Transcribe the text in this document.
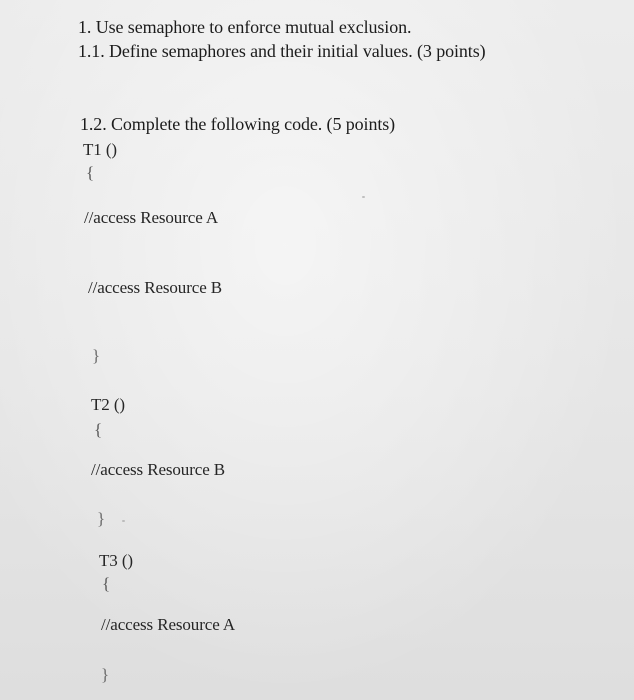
1. Use semaphore to enforce mutual exclusion.
1.1. Define semaphores and their initial values. (3 points)
1.2. Complete the following code. (5 points)
T1 ()
{
//access Resource A
//access Resource B
}
T2 ()
{
//access Resource B
}
T3 ()
{
//access Resource A
}
